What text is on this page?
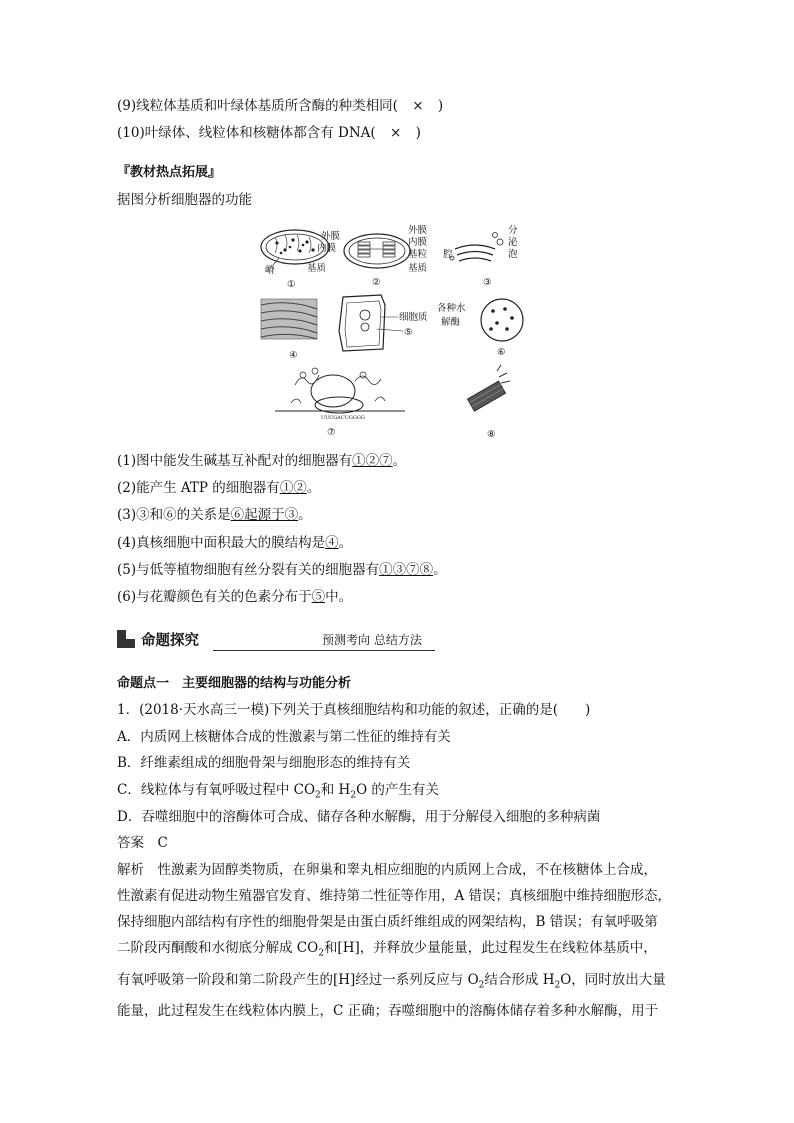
(9)线粒体基质和叶绿体基质所含酶的种类相同( × )
(10)叶绿体、线粒体和核糖体都含有 DNA( × )
『教材热点拓展』
据图分析细胞器的功能
外膜
内膜
嵴	基质
①
外膜
内膜
基粒
基质
②
腔
分
泌
泡
③
④
细胞质
⑤
各种水
解酶
⑥
UUCGACUGGGG
⑦	⑧
(1)图中能发生碱基互补配对的细胞器有①②⑦。
(2)能产生 ATP 的细胞器有①②。
(3)③和⑥的关系是⑥起源于③。
(4)真核细胞中面积最大的膜结构是④。
(5)与低等植物细胞有丝分裂有关的细胞器有①③⑦⑧。
(6)与花瓣颜色有关的色素分布于⑤中。
命题探究	预测考向 总结方法
命题点一　主要细胞器的结构与功能分析
1．(2018·天水高三一模)下列关于真核细胞结构和功能的叙述，正确的是(　　)
A．内质网上核糖体合成的性激素与第二性征的维持有关
B．纤维素组成的细胞骨架与细胞形态的维持有关
C．线粒体与有氧呼吸过程中 $CO_2$和 $H_2O$ 的产生有关
D．吞噬细胞中的溶酶体可合成、储存各种水解酶，用于分解侵入细胞的多种病菌
答案　 C
解析　 性激素为固醇类物质，在卵巢和睾丸相应细胞的内质网上合成，不在核糖体上合成，
性激素有促进动物生殖器官发育、维持第二性征等作用，A 错误；真核细胞中维持细胞形态，
保持细胞内部结构有序性的细胞骨架是由蛋白质纤维组成的网架结构，B 错误；有氧呼吸第
二阶段丙酮酸和水彻底分解成 $CO_2$和[H]，并释放少量能量，此过程发生在线粒体基质中，
有氧呼吸第一阶段和第二阶段产生的[H]经过一系列反应与 $O_2$结合形成 $H_2O$，同时放出大量
能量，此过程发生在线粒体内膜上，C 正确；吞噬细胞中的溶酶体储存着多种水解酶，用于
